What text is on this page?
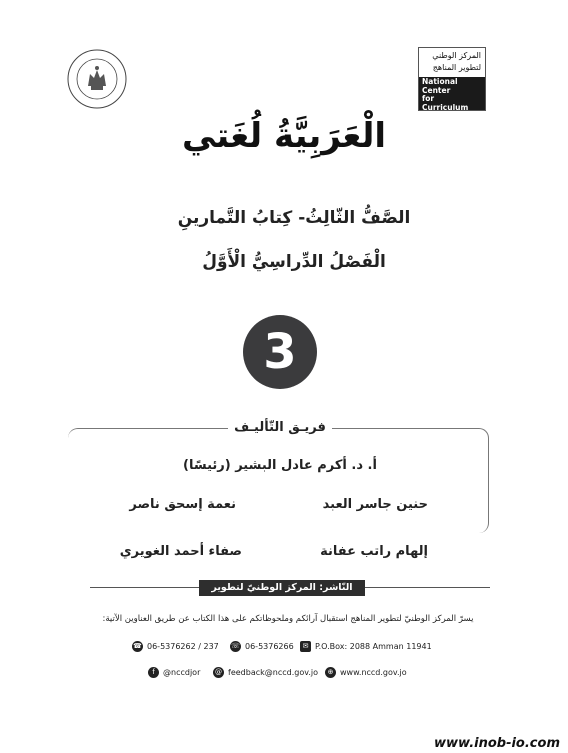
المركز الوطني
لتطوير المناهج
National Center
for Curriculum
Development
الْعَرَبِيَّةُ لُغَتي
الصَّفُّ الثّالِثُ- كِتابُ التَّمارينِ
الْفَصْلُ الدِّراسِيُّ الْأَوَّلُ
3
فريـق التّأليـف
أ. د. أكرم عادل البشير (رئيسًا)
حنين جاسر العبد
نعمة إسحق ناصر
إلهام راتب عفانة
صفاء أحمد الغويري
النّاشر: المركز الوطنيّ لتطوير المناهج
يسرّ المركز الوطنيّ لتطوير المناهج استقبال آرائكم وملحوظاتكم على هذا الكتاب عن طريق العناوين الآتية:
☎ 06-5376262 / 237 ☏ 06-5376266	✉ P.O.Box: 2088 Amman 11941
f	@nccdjor @ feedback@nccd.gov.jo	⊕ www.nccd.gov.jo
www.inob-io.com
